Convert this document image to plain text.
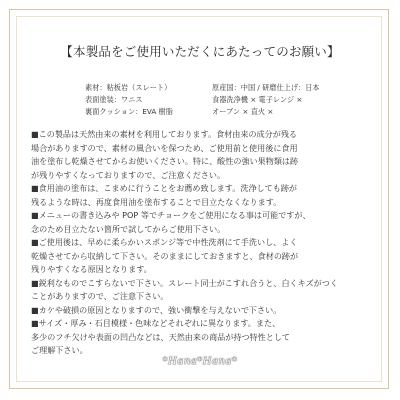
【本製品をご使用いただくにあたってのお願い】
素材：粘板岩（スレート）
表面塗装：ワニス
裏面クッション：EVA 樹脂
原産国：中国 / 研磨仕上げ：日本
食器洗浄機 × 電子レンジ ×
オーブン × 直火 ×
■この製品は天然由来の素材を利用しております。食材由来の成分が残る
場合がありますので、素材の風合いを保つため、ご使用前と使用後に食用
油を塗布し乾燥させてからお使いください。特に、酸性の強い果物類は跡
が残りやすくなっておりますので、ご注意ください。
■食用油の塗布は、こまめに行うことをお薦め致します。洗浄しても跡が
残るような時は、再度食用油を塗布することで目立たなくなります。
■メニューの書き込みや POP 等でチョークをご使用になる事は可能ですが、
念のため目立たない箇所で試してからご使用下さい。
■ご使用後は、早めに柔らかいスポンジ等で中性洗剤にて手洗いし、よく
乾燥させてから収納して下さい。そのままにしておきますと、食材の跡が
残りやすくなる原因となります。
■鋭利なものでこすらないで下さい。スレート同士がこすれ合うと、白くキズがつく
ことがありますので、ご注意下さい。
■カケや破損の原因となりますので、強い衝撃を与えないで下さい。
■サイズ・厚み・石目模様・色味などそれぞれに異なります。また、
多少のフチ欠けや表面の凹凸などは、天然由来の商品が持つ特性として
ご理解下さい。
*Hana*Hana*
